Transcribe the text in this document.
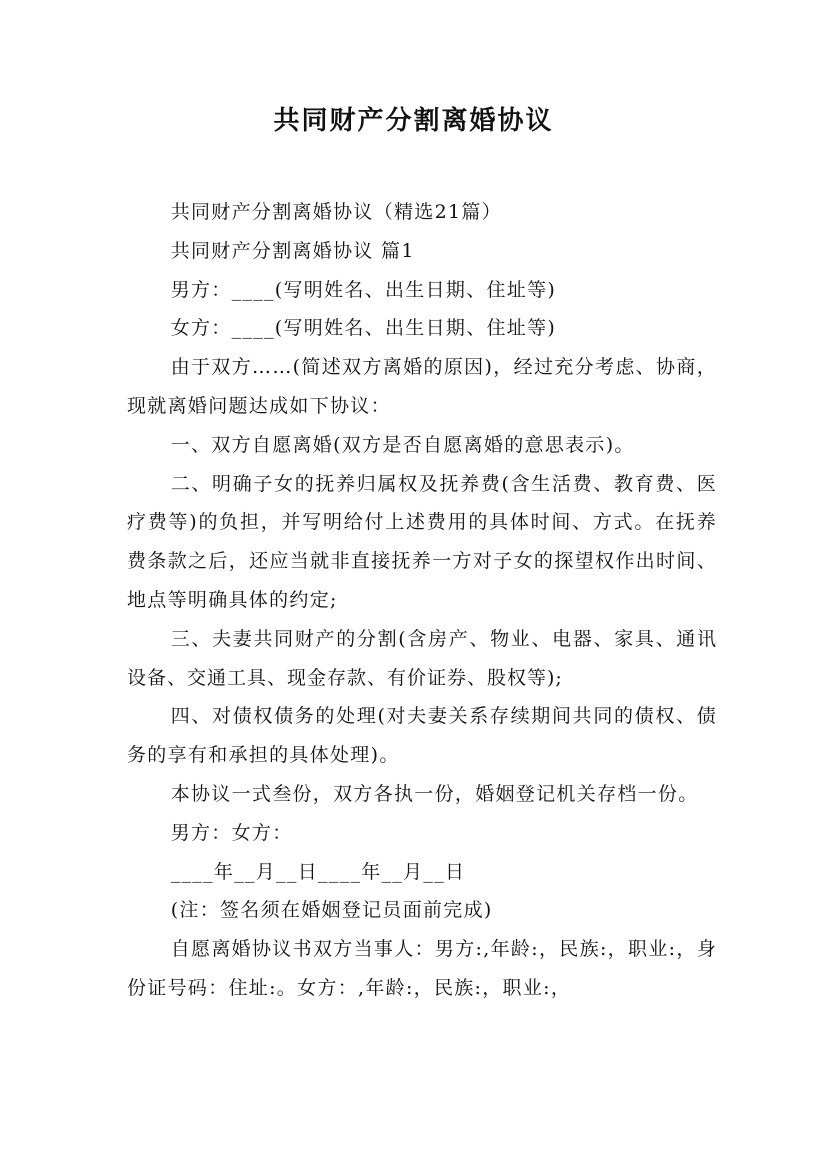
共同财产分割离婚协议

共同财产分割离婚协议（精选21篇）

共同财产分割离婚协议 篇1

男方：____(写明姓名、出生日期、住址等)

女方：____(写明姓名、出生日期、住址等)

由于双方……(简述双方离婚的原因)，经过充分考虑、协商，现就离婚问题达成如下协议：

一、双方自愿离婚(双方是否自愿离婚的意思表示)。

二、明确子女的抚养归属权及抚养费(含生活费、教育费、医疗费等)的负担，并写明给付上述费用的具体时间、方式。在抚养费条款之后，还应当就非直接抚养一方对子女的探望权作出时间、地点等明确具体的约定;

三、夫妻共同财产的分割(含房产、物业、电器、家具、通讯设备、交通工具、现金存款、有价证券、股权等);

四、对债权债务的处理(对夫妻关系存续期间共同的债权、债务的享有和承担的具体处理)。

本协议一式叁份，双方各执一份，婚姻登记机关存档一份。

男方：女方：

____年__月__日____年__月__日

(注：签名须在婚姻登记员面前完成)

自愿离婚协议书双方当事人：男方:,年龄:，民族:，职业:，身份证号码：住址:。女方：,年龄:，民族:，职业:，
